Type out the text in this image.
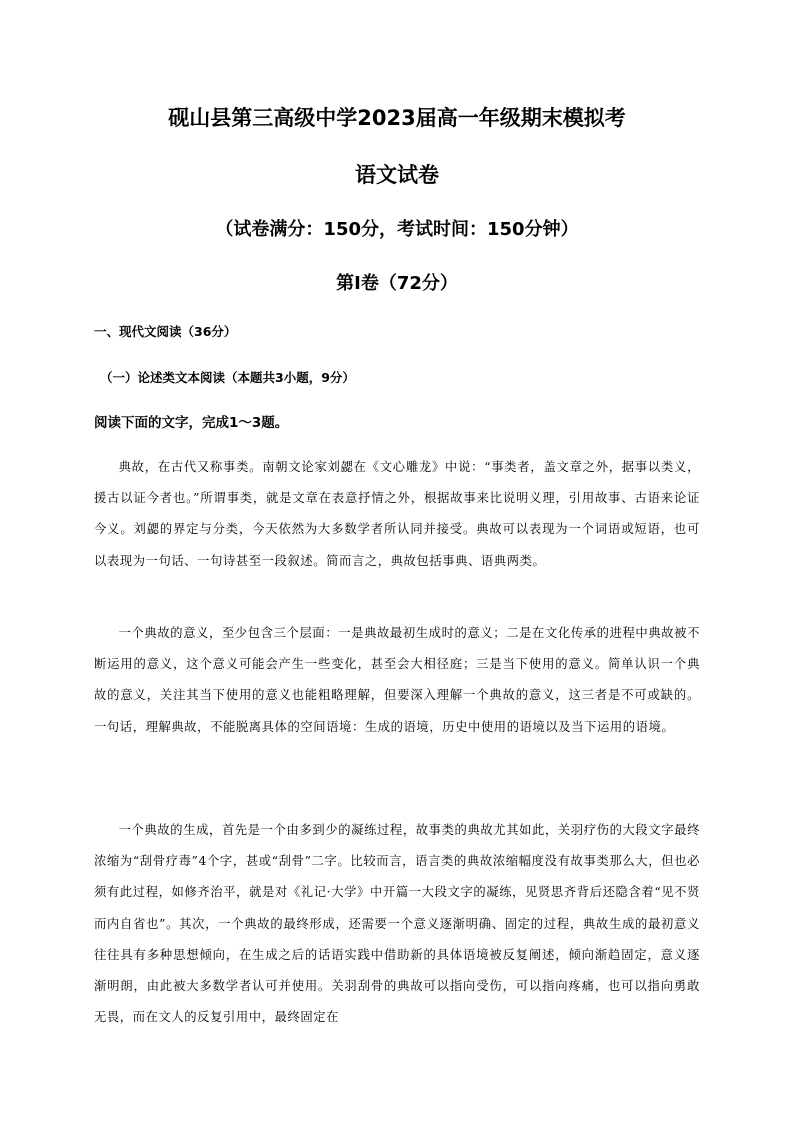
砚山县第三高级中学2023届高一年级期末模拟考
语文试卷
（试卷满分：150分，考试时间：150分钟）
第Ⅰ卷（72分）
一、现代文阅读（36分）
（一）论述类文本阅读（本题共3小题，9分）
阅读下面的文字，完成1～3题。

典故，在古代又称事类。南朝文论家刘勰在《文心雕龙》中说：“事类者，盖文章之外，据事以类义，援古以证今者也。”所谓事类，就是文章在表意抒情之外，根据故事来比说明义理，引用故事、古语来论证今义。刘勰的界定与分类，今天依然为大多数学者所认同并接受。典故可以表现为一个词语或短语，也可以表现为一句话、一句诗甚至一段叙述。简而言之，典故包括事典、语典两类。

一个典故的意义，至少包含三个层面：一是典故最初生成时的意义；二是在文化传承的进程中典故被不断运用的意义，这个意义可能会产生一些变化，甚至会大相径庭；三是当下使用的意义。简单认识一个典故的意义，关注其当下使用的意义也能粗略理解，但要深入理解一个典故的意义，这三者是不可或缺的。一句话，理解典故，不能脱离具体的空间语境：生成的语境，历史中使用的语境以及当下运用的语境。

一个典故的生成，首先是一个由多到少的凝练过程，故事类的典故尤其如此，关羽疗伤的大段文字最终浓缩为“刮骨疗毒”4个字，甚或“刮骨”二字。比较而言，语言类的典故浓缩幅度没有故事类那么大，但也必须有此过程，如修齐治平，就是对《礼记·大学》中开篇一大段文字的凝练，见贤思齐背后还隐含着“见不贤而内自省也”。其次，一个典故的最终形成，还需要一个意义逐渐明确、固定的过程，典故生成的最初意义往往具有多种思想倾向，在生成之后的话语实践中借助新的具体语境被反复阐述，倾向渐趋固定，意义逐渐明朗，由此被大多数学者认可并使用。关羽刮骨的典故可以指向受伤，可以指向疼痛，也可以指向勇敢无畏，而在文人的反复引用中，最终固定在
